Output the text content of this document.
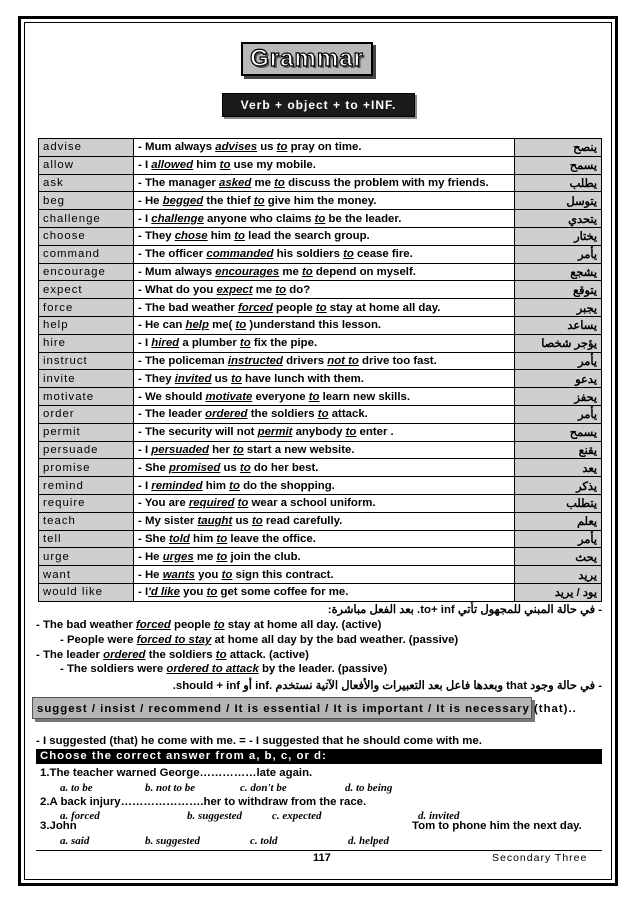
Grammar
Verb + object + to +INF.
advise	- Mum always advises us to pray on time.	ينصح
allow	- I allowed him to use my mobile.	يسمح
ask	- The manager asked me to discuss the problem with my friends.	يطلب
beg	- He begged the thief to give him the money.	يتوسل
challenge	- I challenge anyone who claims to be the leader.	يتحدي
choose	- They chose him to lead the search group.	يختار
command	- The officer commanded his soldiers to cease fire.	يأمر
encourage	- Mum always encourages me to depend on myself.	يشجع
expect	- What do you expect me to do?	يتوقع
force	- The bad weather forced people to stay at home all day.	يجبر
help	- He can help me( to )understand this lesson.	يساعد
hire	- I hired a plumber to fix the pipe.	يؤجر شخصا
instruct	- The policeman instructed drivers not to drive too fast.	يأمر
invite	- They invited us to have lunch with them.	يدعو
motivate	- We should motivate everyone to learn new skills.	يحفز
order	- The leader ordered the soldiers to attack.	يأمر
permit	- The security will not permit anybody to enter .	يسمح
persuade	- I persuaded her to start a new website.	يقنع
promise	- She promised us to do her best.	يعد
remind	- I reminded him to do the shopping.	يذكر
require	- You are required to wear a school uniform.	يتطلب
teach	- My sister taught us to read carefully.	يعلم
tell	- She told him to leave the office.	يأمر
urge	- He urges me to join the club.	يحث
want	- He wants you to sign this contract.	يريد
would like	- I'd like you to get some coffee for me.	يود / يريد
- في حالة المبني للمجهول تأتي to+ inf. بعد الفعل مباشرة:
- The bad weather forced people to stay at home all day. (active)
- People were forced to stay at home all day by the bad weather. (passive)
- The leader ordered the soldiers to attack. (active)
- The soldiers were ordered to attack by the leader. (passive)
- في حالة وجود that وبعدها فاعل بعد التعبيرات والأفعال الآتية نستخدم .inf أو should + inf.
suggest / insist / recommend / It is essential / It is important / It is necessary (that)..
- I suggested (that) he come with me. = - I suggested that he should come with me.
Choose the correct answer from a, b, c, or d:
1.The teacher warned George……………late again.
a. to be	b. not to be	c. don't be	d. to being
2.A back injury………………….her to withdraw from the race.
a. forced	b. suggested	c. expected	d. invited
3.John	Tom to phone him the next day.
a. said	b. suggested	c. told	d. helped
117	Secondary Three
